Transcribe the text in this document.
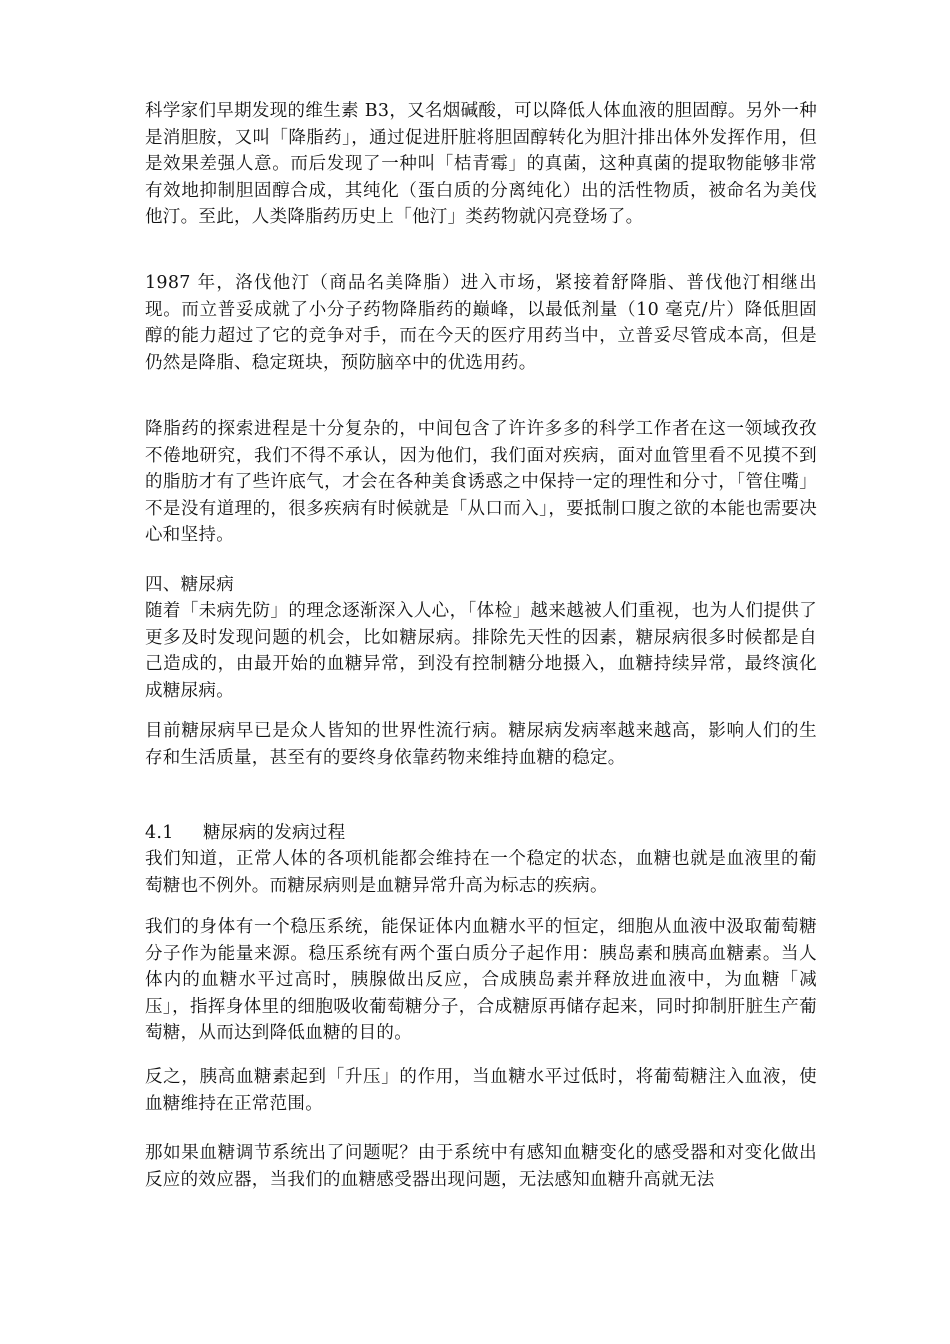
科学家们早期发现的维生素 B3，又名烟碱酸，可以降低人体血液的胆固醇。另外一种是消胆胺，又叫「降脂药」，通过促进肝脏将胆固醇转化为胆汁排出体外发挥作用，但是效果差强人意。而后发现了一种叫「桔青霉」的真菌，这种真菌的提取物能够非常有效地抑制胆固醇合成，其纯化（蛋白质的分离纯化）出的活性物质，被命名为美伐他汀。至此，人类降脂药历史上「他汀」类药物就闪亮登场了。

1987 年，洛伐他汀（商品名美降脂）进入市场，紧接着舒降脂、普伐他汀相继出现。而立普妥成就了小分子药物降脂药的巅峰，以最低剂量（10 毫克/片）降低胆固醇的能力超过了它的竞争对手，而在今天的医疗用药当中，立普妥尽管成本高，但是仍然是降脂、稳定斑块，预防脑卒中的优选用药。

降脂药的探索进程是十分复杂的，中间包含了许许多多的科学工作者在这一领域孜孜不倦地研究，我们不得不承认，因为他们，我们面对疾病，面对血管里看不见摸不到的脂肪才有了些许底气，才会在各种美食诱惑之中保持一定的理性和分寸，「管住嘴」不是没有道理的，很多疾病有时候就是「从口而入」，要抵制口腹之欲的本能也需要决心和坚持。

四、糖尿病

随着「未病先防」的理念逐渐深入人心，「体检」越来越被人们重视，也为人们提供了更多及时发现问题的机会，比如糖尿病。排除先天性的因素，糖尿病很多时候都是自己造成的，由最开始的血糖异常，到没有控制糖分地摄入，血糖持续异常，最终演化成糖尿病。

目前糖尿病早已是众人皆知的世界性流行病。糖尿病发病率越来越高，影响人们的生存和生活质量，甚至有的要终身依靠药物来维持血糖的稳定。

4.1 糖尿病的发病过程

我们知道，正常人体的各项机能都会维持在一个稳定的状态，血糖也就是血液里的葡萄糖也不例外。而糖尿病则是血糖异常升高为标志的疾病。

我们的身体有一个稳压系统，能保证体内血糖水平的恒定，细胞从血液中汲取葡萄糖分子作为能量来源。稳压系统有两个蛋白质分子起作用：胰岛素和胰高血糖素。当人体内的血糖水平过高时，胰腺做出反应，合成胰岛素并释放进血液中，为血糖「减压」，指挥身体里的细胞吸收葡萄糖分子，合成糖原再储存起来，同时抑制肝脏生产葡萄糖，从而达到降低血糖的目的。

反之，胰高血糖素起到「升压」的作用，当血糖水平过低时，将葡萄糖注入血液，使血糖维持在正常范围。

那如果血糖调节系统出了问题呢？由于系统中有感知血糖变化的感受器和对变化做出反应的效应器，当我们的血糖感受器出现问题，无法感知血糖升高就无法
